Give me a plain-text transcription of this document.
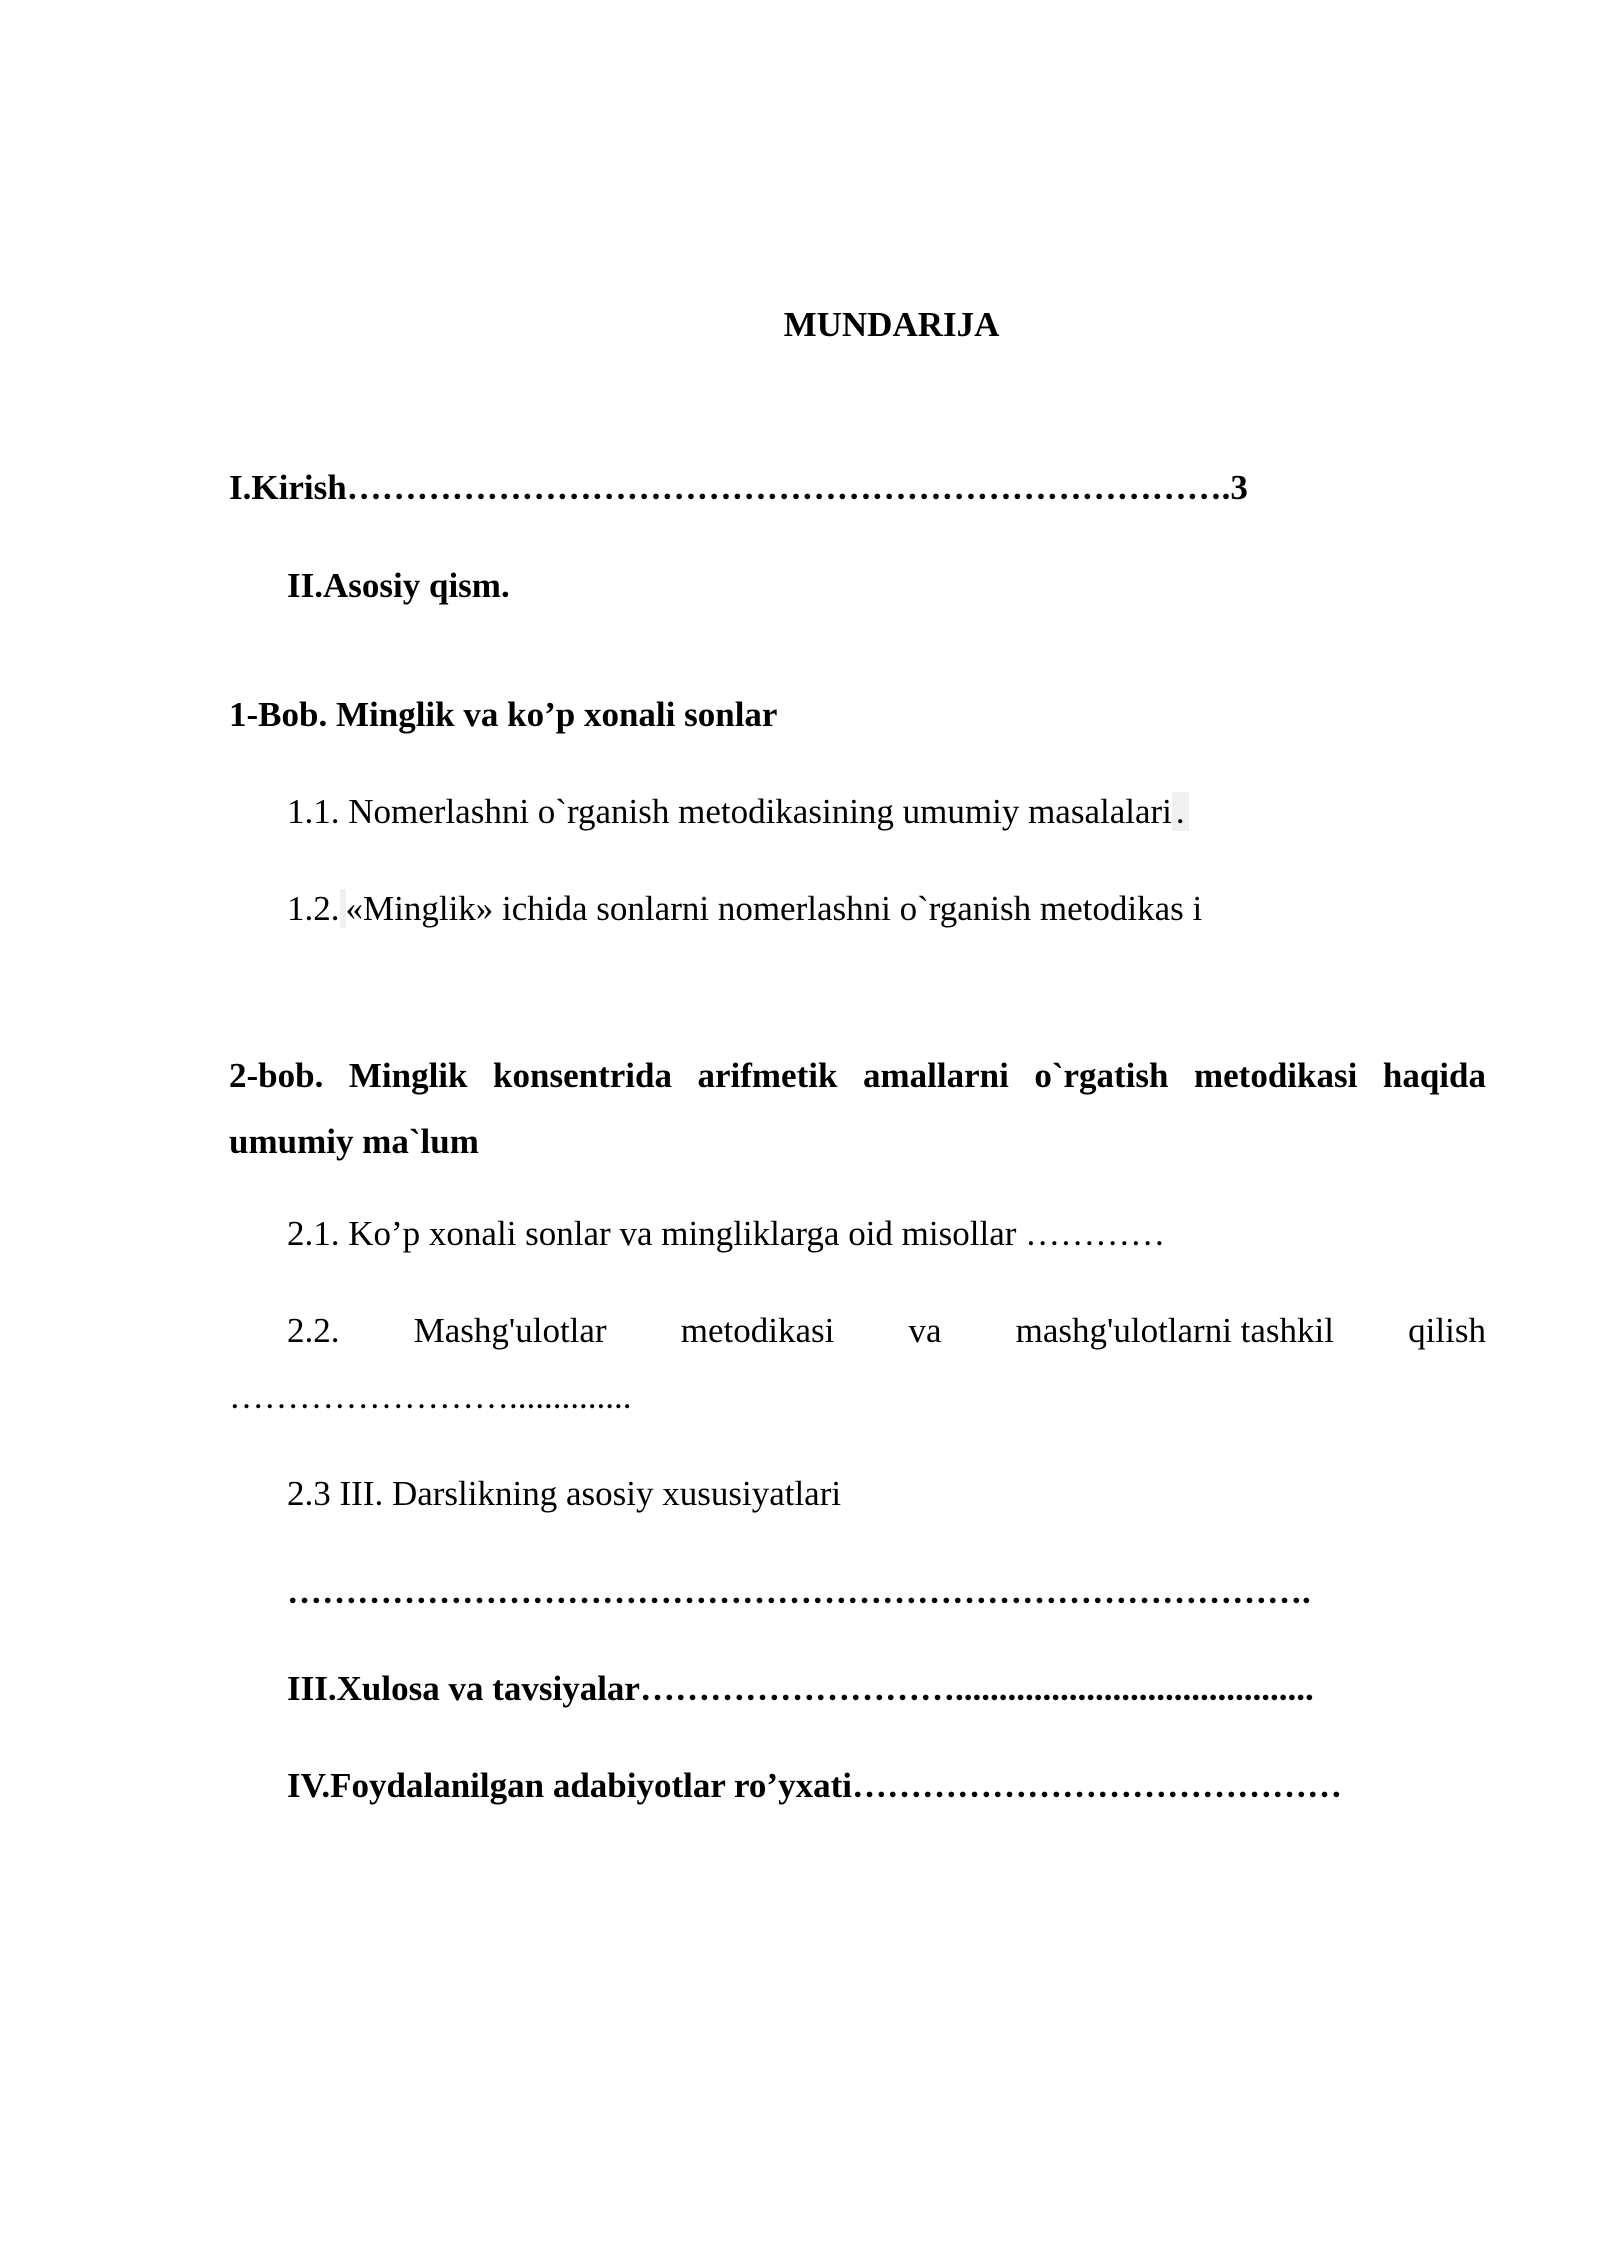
MUNDARIJA
I.Kirish………………………………………………………………….3
II.Asosiy qism.
1-Bob. Minglik va ko’p xonali sonlar
1.1. Nomerlashni o`rganish metodikasining umumiy masalalari .
1.2. «Minglik» ichida sonlarni nomerlashni o`rganish metodikas i
2-bob. Minglik konsentrida arifmetik amallarni o`rgatish metodikasi haqida umumiy ma`lum
2.1. Ko’p xonali sonlar va mingliklarga oid misollar …………
2.2. Mashg'ulotlar metodikasi va mashg'ulotlarni tashkil qilish
……………………..............
2.3 III. Darslikning asosiy xususiyatlari
…………………………………………………………………………….
III.Xulosa va tavsiyalar……………………….........................................
IV.Foydalanilgan adabiyotlar ro’yxati……………………………………
